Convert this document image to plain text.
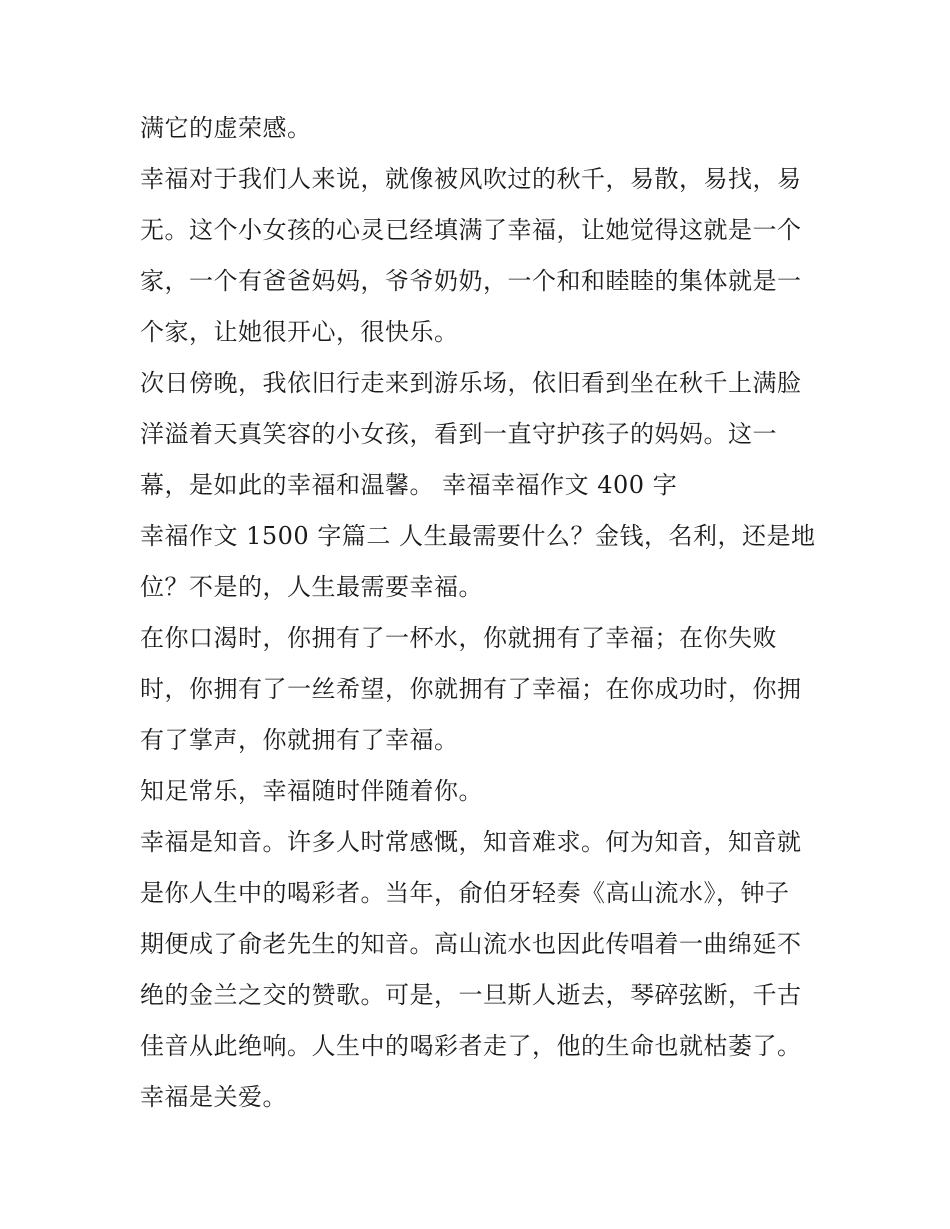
满它的虚荣感。
幸福对于我们人来说，就像被风吹过的秋千，易散，易找，易
无。这个小女孩的心灵已经填满了幸福，让她觉得这就是一个
家，一个有爸爸妈妈，爷爷奶奶，一个和和睦睦的集体就是一
个家，让她很开心，很快乐。
次日傍晚，我依旧行走来到游乐场，依旧看到坐在秋千上满脸
洋溢着天真笑容的小女孩，看到一直守护孩子的妈妈。这一
幕，是如此的幸福和温馨。 幸福幸福作文 400 字
幸福作文 1500 字篇二 人生最需要什么？金钱，名利，还是地
位？不是的，人生最需要幸福。
在你口渴时，你拥有了一杯水，你就拥有了幸福；在你失败
时，你拥有了一丝希望，你就拥有了幸福；在你成功时，你拥
有了掌声，你就拥有了幸福。
知足常乐，幸福随时伴随着你。
幸福是知音。许多人时常感慨，知音难求。何为知音，知音就
是你人生中的喝彩者。当年，俞伯牙轻奏《高山流水》，钟子
期便成了俞老先生的知音。高山流水也因此传唱着一曲绵延不
绝的金兰之交的赞歌。可是，一旦斯人逝去，琴碎弦断，千古
佳音从此绝响。人生中的喝彩者走了，他的生命也就枯萎了。
幸福是关爱。
